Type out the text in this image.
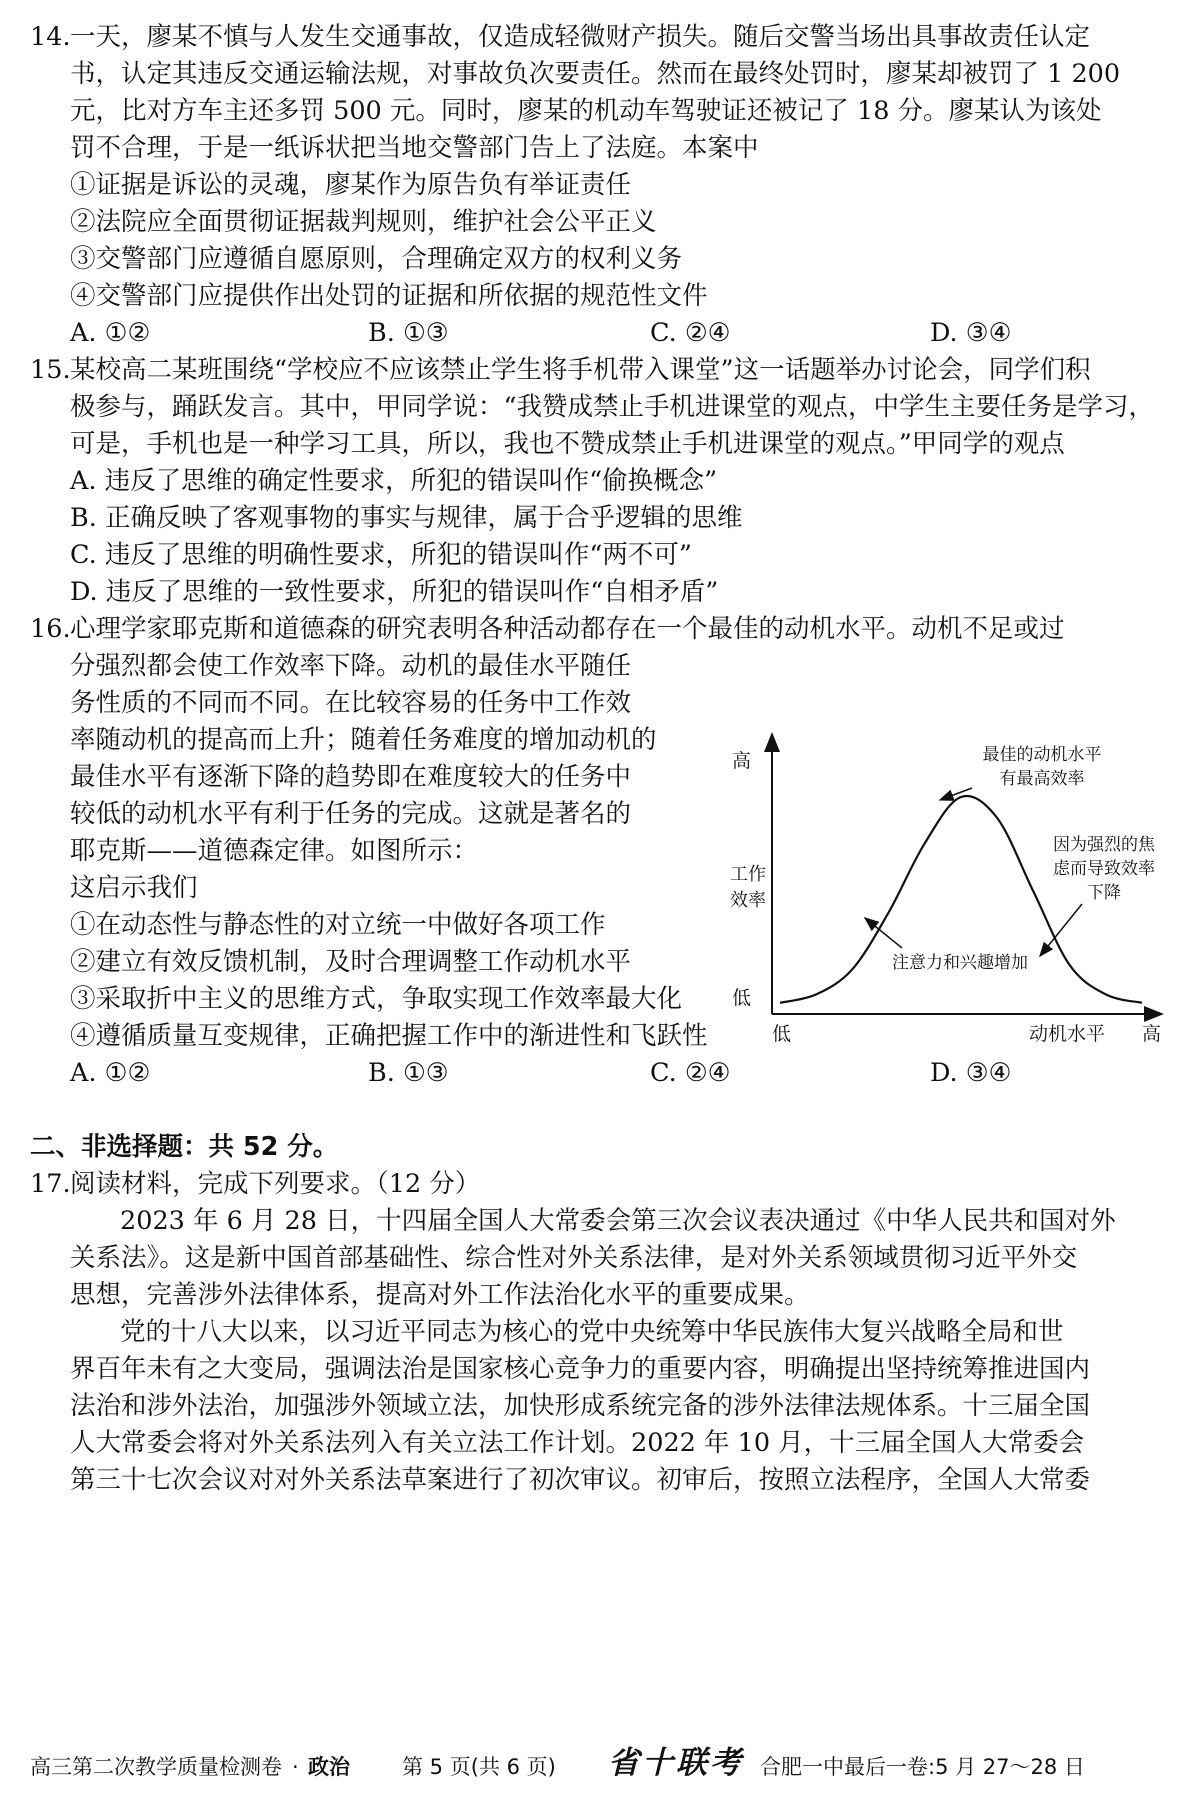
14. 一天，廖某不慎与人发生交通事故，仅造成轻微财产损失。随后交警当场出具事故责任认定
书，认定其违反交通运输法规，对事故负次要责任。然而在最终处罚时，廖某却被罚了 1 200
元，比对方车主还多罚 500 元。同时，廖某的机动车驾驶证还被记了 18 分。廖某认为该处
罚不合理，于是一纸诉状把当地交警部门告上了法庭。本案中
①证据是诉讼的灵魂，廖某作为原告负有举证责任
②法院应全面贯彻证据裁判规则，维护社会公平正义
③交警部门应遵循自愿原则，合理确定双方的权利义务
④交警部门应提供作出处罚的证据和所依据的规范性文件
A. ①②	B. ①③	C. ②④	D. ③④
15. 某校高二某班围绕“学校应不应该禁止学生将手机带入课堂”这一话题举办讨论会，同学们积
极参与，踊跃发言。其中，甲同学说：“我赞成禁止手机进课堂的观点，中学生主要任务是学习，
可是，手机也是一种学习工具，所以，我也不赞成禁止手机进课堂的观点。”甲同学的观点
A. 违反了思维的确定性要求，所犯的错误叫作“偷换概念”
B. 正确反映了客观事物的事实与规律，属于合乎逻辑的思维
C. 违反了思维的明确性要求，所犯的错误叫作“两不可”
D. 违反了思维的一致性要求，所犯的错误叫作“自相矛盾”
16. 心理学家耶克斯和道德森的研究表明各种活动都存在一个最佳的动机水平。动机不足或过
分强烈都会使工作效率下降。动机的最佳水平随任
务性质的不同而不同。在比较容易的任务中工作效
率随动机的提高而上升；随着任务难度的增加动机的
最佳水平有逐渐下降的趋势即在难度较大的任务中
较低的动机水平有利于任务的完成。这就是著名的
耶克斯——道德森定律。如图所示：
这启示我们
①在动态性与静态性的对立统一中做好各项工作
②建立有效反馈机制，及时合理调整工作动机水平
③采取折中主义的思维方式，争取实现工作效率最大化
④遵循质量互变规律，正确把握工作中的渐进性和飞跃性
A. ①②	B. ①③	C. ②④	D. ③④
高
低
低	动机水平 高
工作
效率
最佳的动机水平
有最高效率
因为强烈的焦
虑而导致效率
下降
注意力和兴趣增加
二、非选择题：共 52 分。
17. 阅读材料，完成下列要求。（12 分）
2023 年 6 月 28 日，十四届全国人大常委会第三次会议表决通过《中华人民共和国对外
关系法》。这是新中国首部基础性、综合性对外关系法律，是对外关系领域贯彻习近平外交
思想，完善涉外法律体系，提高对外工作法治化水平的重要成果。
党的十八大以来，以习近平同志为核心的党中央统筹中华民族伟大复兴战略全局和世
界百年未有之大变局，强调法治是国家核心竞争力的重要内容，明确提出坚持统筹推进国内
法治和涉外法治，加强涉外领域立法，加快形成系统完备的涉外法律法规体系。十三届全国
人大常委会将对外关系法列入有关立法工作计划。2022 年 10 月，十三届全国人大常委会
第三十七次会议对对外关系法草案进行了初次审议。初审后，按照立法程序，全国人大常委
高三第二次教学质量检测卷 · 政治 第 5 页(共 6 页) 省十联考 合肥一中最后一卷:5 月 27～28 日
